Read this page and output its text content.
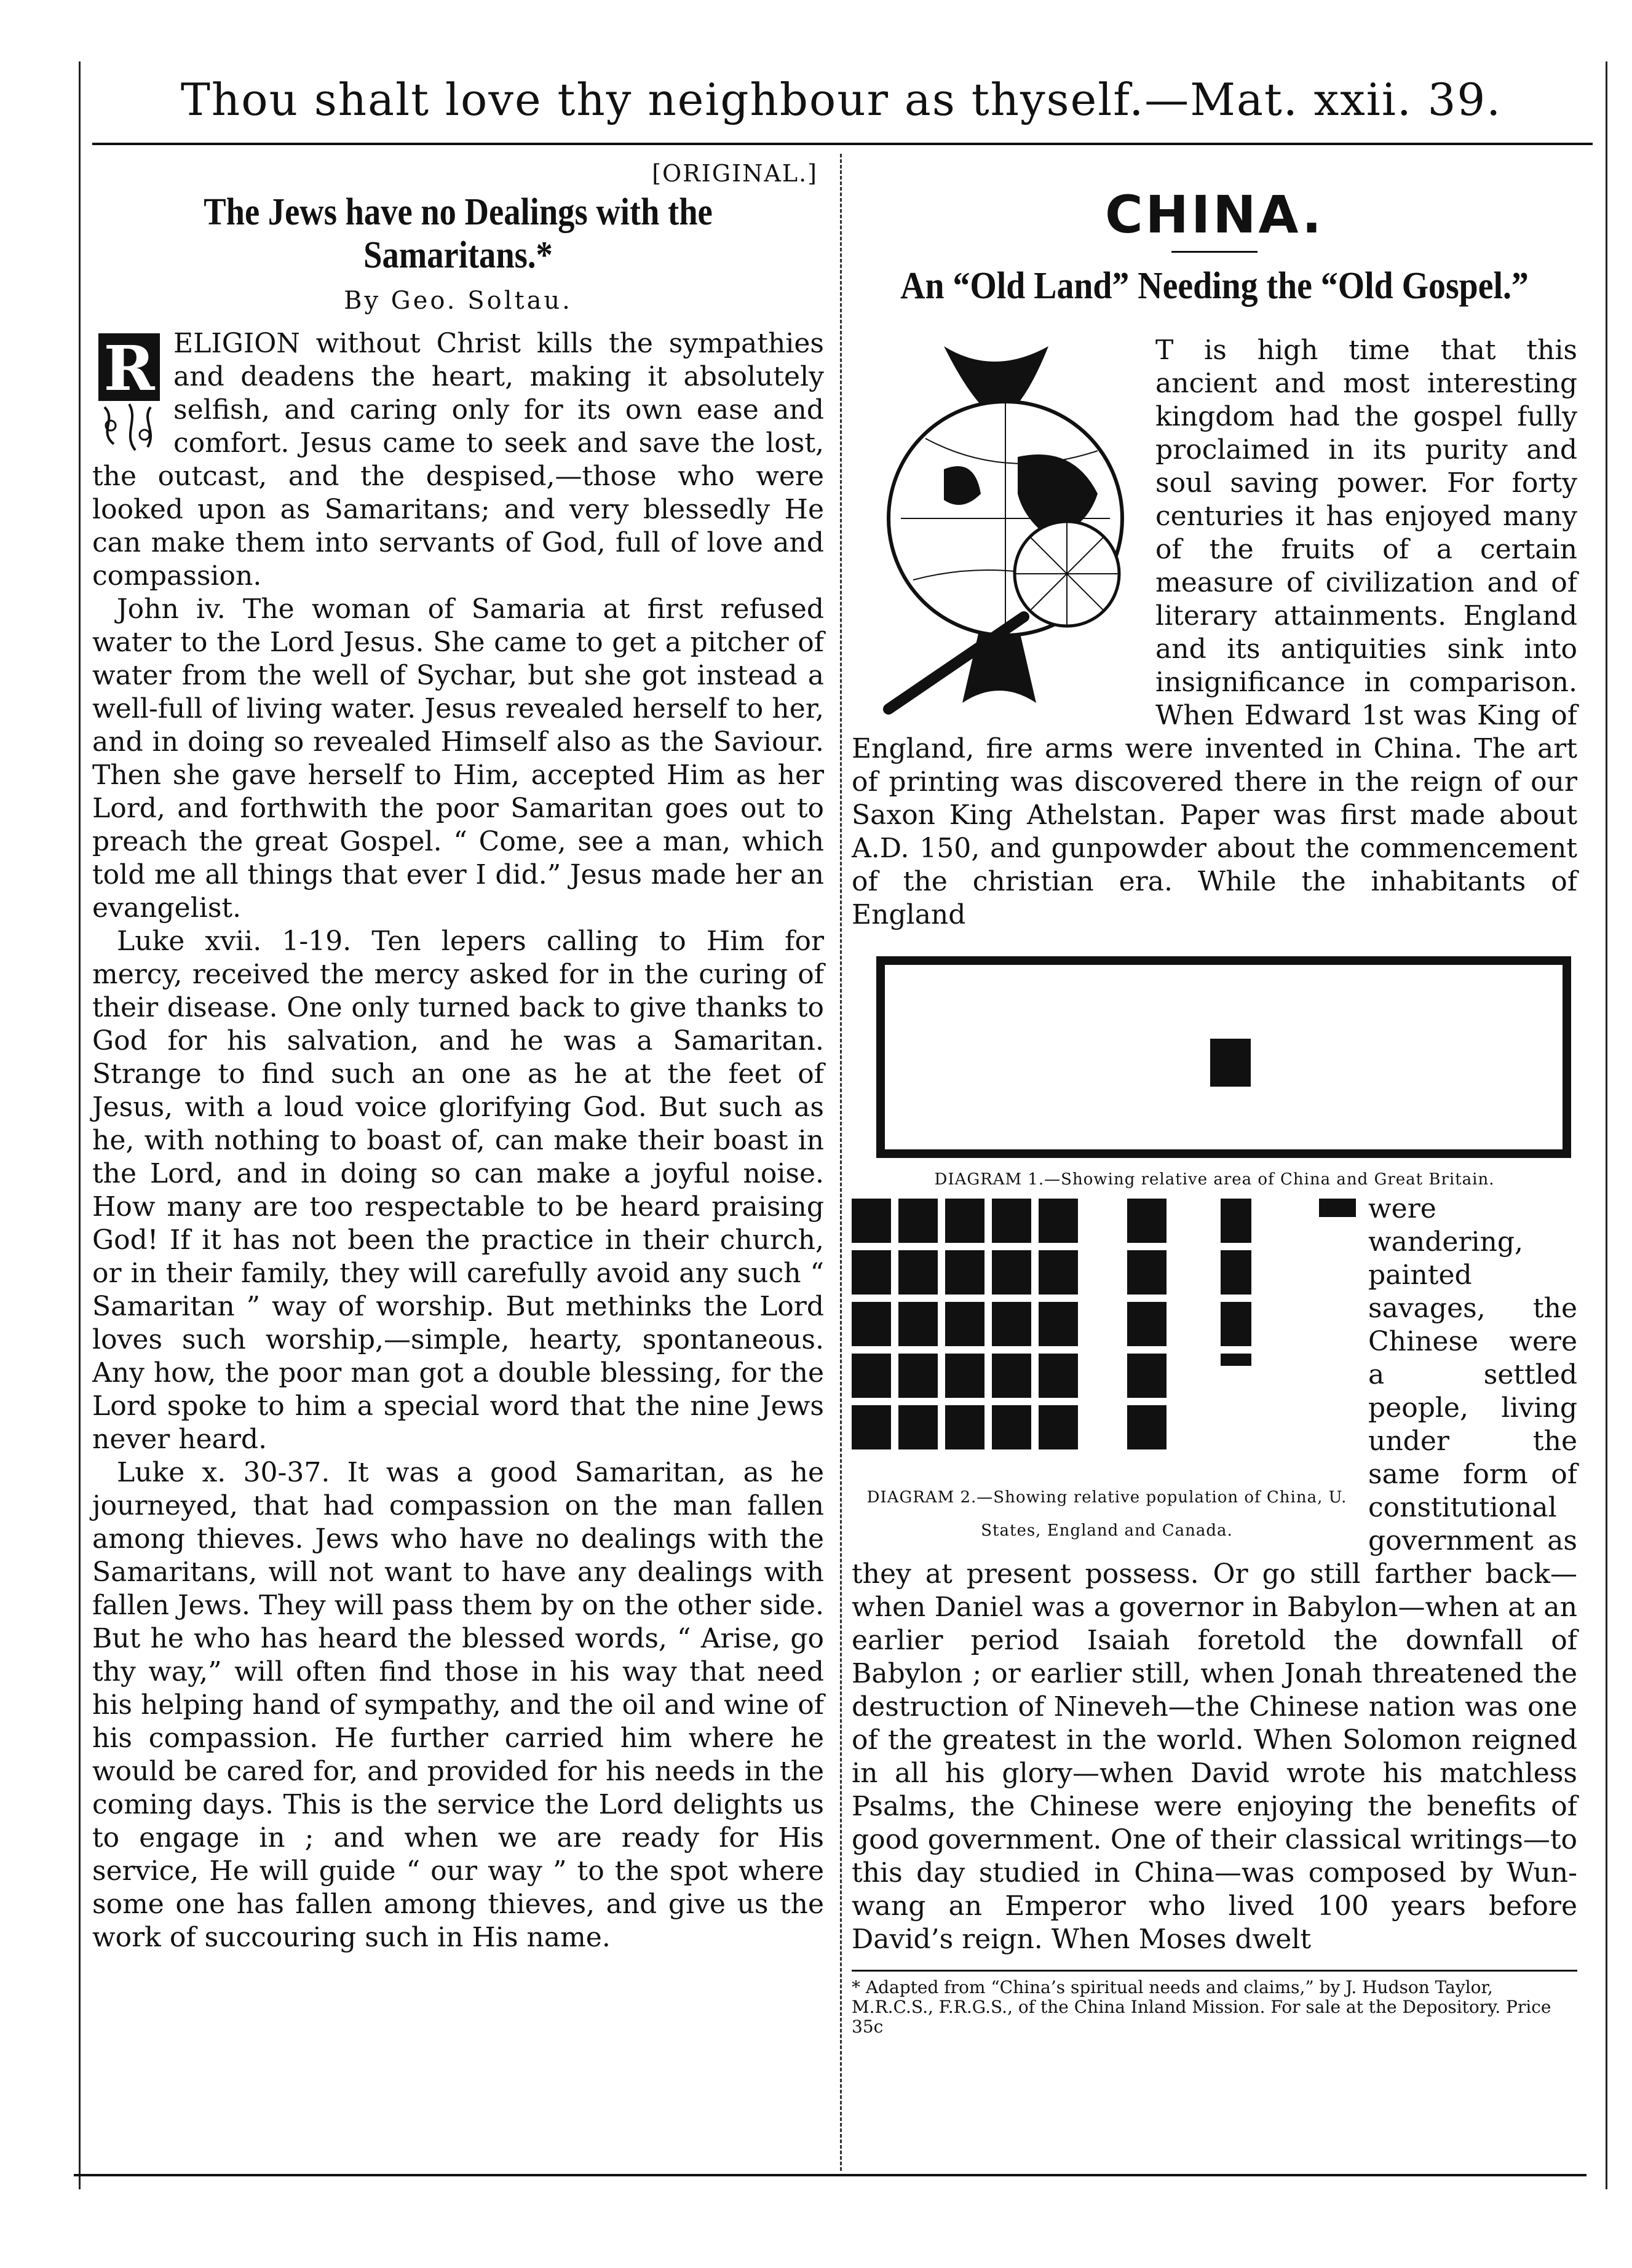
Thou shalt love thy neighbour as thyself.—Mat. xxii. 39.
[ORIGINAL.]
The Jews have no Dealings with the Samaritans.*
By Geo. Soltau.
R ELIGION without Christ kills the sympathies and deadens the heart, making it absolutely selfish, and caring only for its own ease and comfort. Jesus came to seek and save the lost, the outcast, and the despised,—those who were looked upon as Samaritans; and very blessedly He can make them into servants of God, full of love and compassion.

John iv. The woman of Samaria at first refused water to the Lord Jesus. She came to get a pitcher of water from the well of Sychar, but she got instead a well-full of living water. Jesus revealed herself to her, and in doing so revealed Himself also as the Saviour. Then she gave herself to Him, accepted Him as her Lord, and forthwith the poor Samaritan goes out to preach the great Gospel. “ Come, see a man, which told me all things that ever I did.” Jesus made her an evangelist.

Luke xvii. 1-19. Ten lepers calling to Him for mercy, received the mercy asked for in the curing of their disease. One only turned back to give thanks to God for his salvation, and he was a Samaritan. Strange to find such an one as he at the feet of Jesus, with a loud voice glorifying God. But such as he, with nothing to boast of, can make their boast in the Lord, and in doing so can make a joyful noise. How many are too respectable to be heard praising God! If it has not been the practice in their church, or in their family, they will carefully avoid any such “ Samaritan ” way of worship. But methinks the Lord loves such worship,—simple, hearty, spontaneous. Any how, the poor man got a double blessing, for the Lord spoke to him a special word that the nine Jews never heard.

Luke x. 30-37. It was a good Samaritan, as he journeyed, that had compassion on the man fallen among thieves. Jews who have no dealings with the Samaritans, will not want to have any dealings with fallen Jews. They will pass them by on the other side. But he who has heard the blessed words, “ Arise, go thy way,” will often find those in his way that need his helping hand of sympathy, and the oil and wine of his compassion. He further carried him where he would be cared for, and provided for his needs in the coming days. This is the service the Lord delights us to engage in ; and when we are ready for His service, He will guide “ our way ” to the spot where some one has fallen among thieves, and give us the work of succouring such in His name.

CHINA.
An “Old Land” Needing the “Old Gospel.”

T is high time that this ancient and most interesting kingdom had the gospel fully proclaimed in its purity and soul saving power. For forty centuries it has enjoyed many of the fruits of a certain measure of civilization and of literary attainments. England and its antiquities sink into insignificance in comparison. When Edward 1st was King of England, fire arms were invented in China. The art of printing was discovered there in the reign of our Saxon King Athelstan. Paper was first made about A.D. 150, and gunpowder about the commencement of the christian era. While the inhabitants of England

DIAGRAM 1.—Showing relative area of China and Great Britain.
DIAGRAM 2.—Showing relative population of China, U. States, England and Canada.

were wandering, painted savages, the Chinese were a settled people, living under the same form of constitutional government as they at present possess. Or go still farther back—when Daniel was a governor in Babylon—when at an earlier period Isaiah foretold the downfall of Babylon ; or earlier still, when Jonah threatened the destruction of Nineveh—the Chinese nation was one of the greatest in the world. When Solomon reigned in all his glory—when David wrote his matchless Psalms, the Chinese were enjoying the benefits of good government. One of their classical writings—to this day studied in China—was composed by Wun-wang an Emperor who lived 100 years before David’s reign. When Moses dwelt

* Adapted from “China’s spiritual needs and claims,” by J. Hudson Taylor, M.R.C.S., F.R.G.S., of the China Inland Mission. For sale at the Depository. Price 35c
